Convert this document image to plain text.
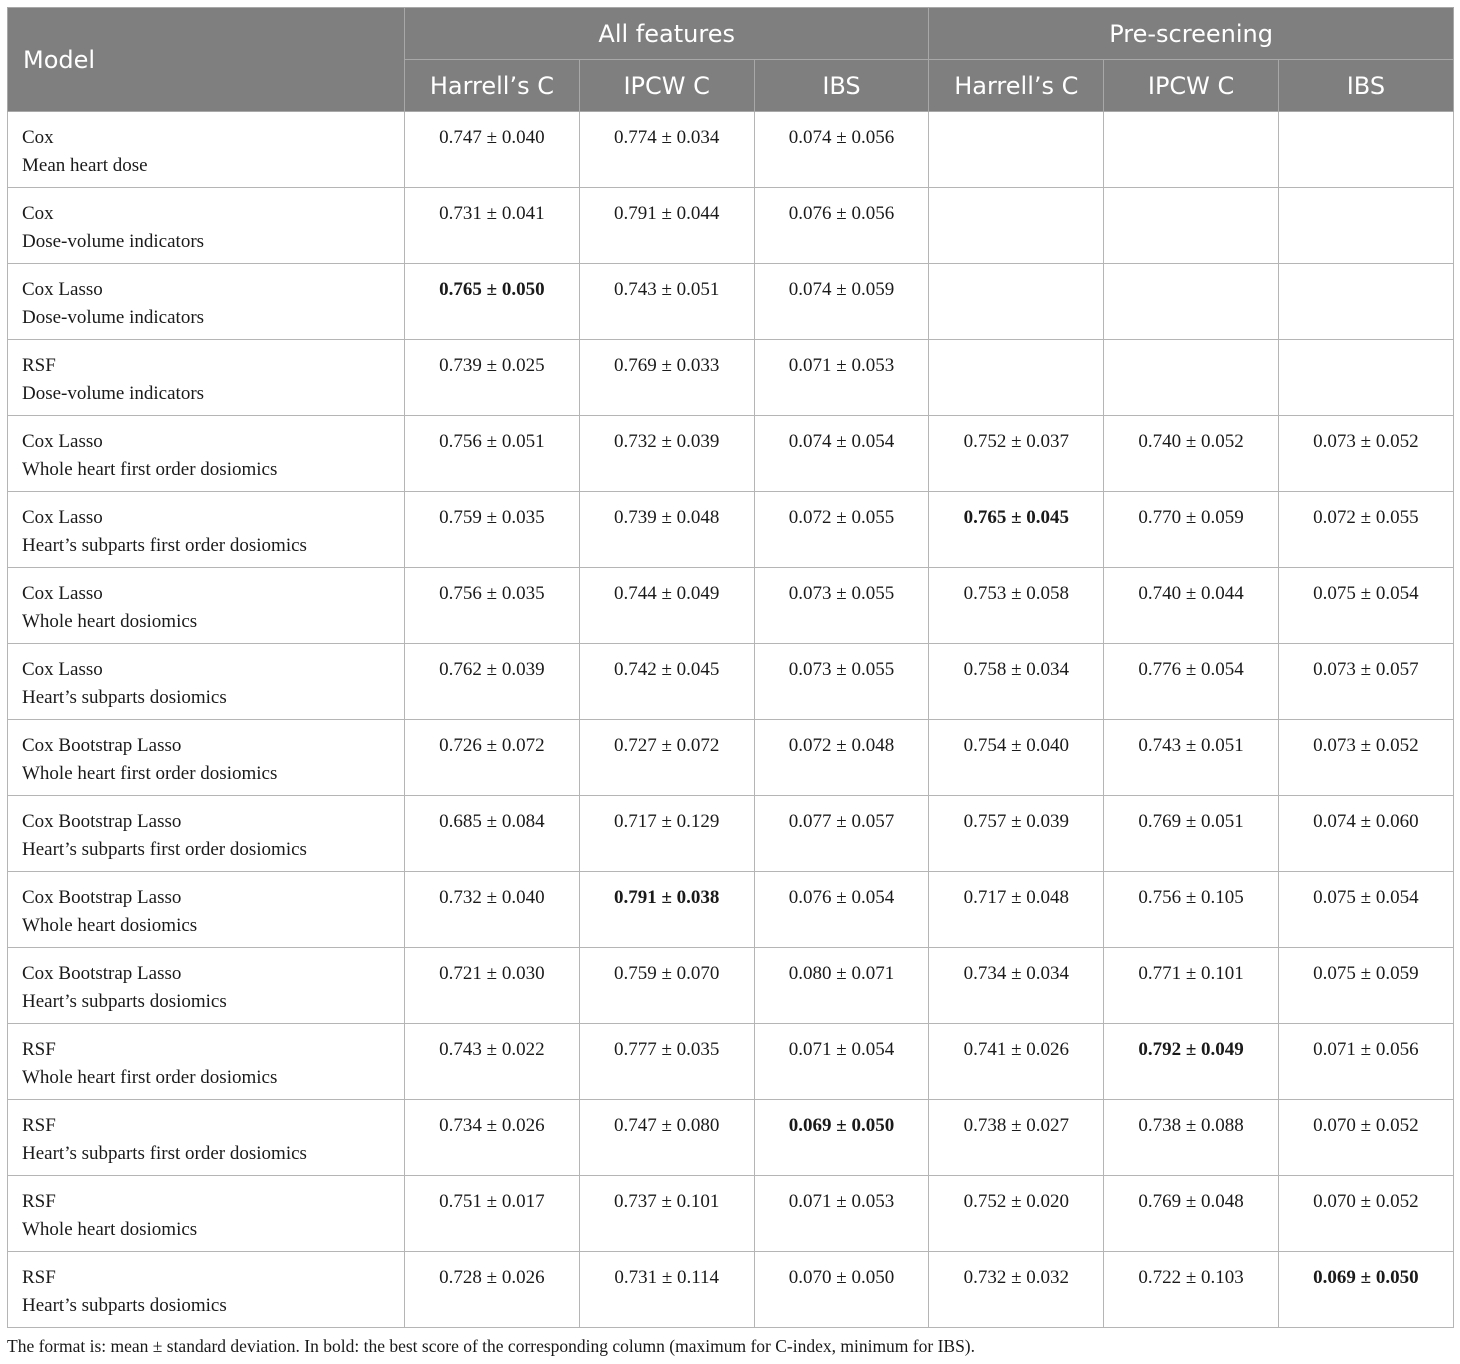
Model	All features			Pre-screening		
	Harrell’s C	IPCW C	IBS	Harrell’s C	IPCW C	IBS

Cox
Mean heart dose	0.747 ± 0.040	0.774 ± 0.034	0.074 ± 0.056			

Cox
Dose-volume indicators	0.731 ± 0.041	0.791 ± 0.044	0.076 ± 0.056			

Cox Lasso
Dose-volume indicators	0.765 ± 0.050	0.743 ± 0.051	0.074 ± 0.059			

RSF
Dose-volume indicators	0.739 ± 0.025	0.769 ± 0.033	0.071 ± 0.053			

Cox Lasso
Whole heart first order dosiomics	0.756 ± 0.051	0.732 ± 0.039	0.074 ± 0.054	0.752 ± 0.037	0.740 ± 0.052	0.073 ± 0.052

Cox Lasso
Heart’s subparts first order dosiomics	0.759 ± 0.035	0.739 ± 0.048	0.072 ± 0.055	0.765 ± 0.045	0.770 ± 0.059	0.072 ± 0.055

Cox Lasso
Whole heart dosiomics	0.756 ± 0.035	0.744 ± 0.049	0.073 ± 0.055	0.753 ± 0.058	0.740 ± 0.044	0.075 ± 0.054

Cox Lasso
Heart’s subparts dosiomics	0.762 ± 0.039	0.742 ± 0.045	0.073 ± 0.055	0.758 ± 0.034	0.776 ± 0.054	0.073 ± 0.057

Cox Bootstrap Lasso
Whole heart first order dosiomics	0.726 ± 0.072	0.727 ± 0.072	0.072 ± 0.048	0.754 ± 0.040	0.743 ± 0.051	0.073 ± 0.052

Cox Bootstrap Lasso
Heart’s subparts first order dosiomics	0.685 ± 0.084	0.717 ± 0.129	0.077 ± 0.057	0.757 ± 0.039	0.769 ± 0.051	0.074 ± 0.060

Cox Bootstrap Lasso
Whole heart dosiomics	0.732 ± 0.040	0.791 ± 0.038	0.076 ± 0.054	0.717 ± 0.048	0.756 ± 0.105	0.075 ± 0.054

Cox Bootstrap Lasso
Heart’s subparts dosiomics	0.721 ± 0.030	0.759 ± 0.070	0.080 ± 0.071	0.734 ± 0.034	0.771 ± 0.101	0.075 ± 0.059

RSF
Whole heart first order dosiomics	0.743 ± 0.022	0.777 ± 0.035	0.071 ± 0.054	0.741 ± 0.026	0.792 ± 0.049	0.071 ± 0.056

RSF
Heart’s subparts first order dosiomics	0.734 ± 0.026	0.747 ± 0.080	0.069 ± 0.050	0.738 ± 0.027	0.738 ± 0.088	0.070 ± 0.052

RSF
Whole heart dosiomics	0.751 ± 0.017	0.737 ± 0.101	0.071 ± 0.053	0.752 ± 0.020	0.769 ± 0.048	0.070 ± 0.052

RSF
Heart’s subparts dosiomics	0.728 ± 0.026	0.731 ± 0.114	0.070 ± 0.050	0.732 ± 0.032	0.722 ± 0.103	0.069 ± 0.050
The format is: mean ± standard deviation. In bold: the best score of the corresponding column (maximum for C-index, minimum for IBS).
